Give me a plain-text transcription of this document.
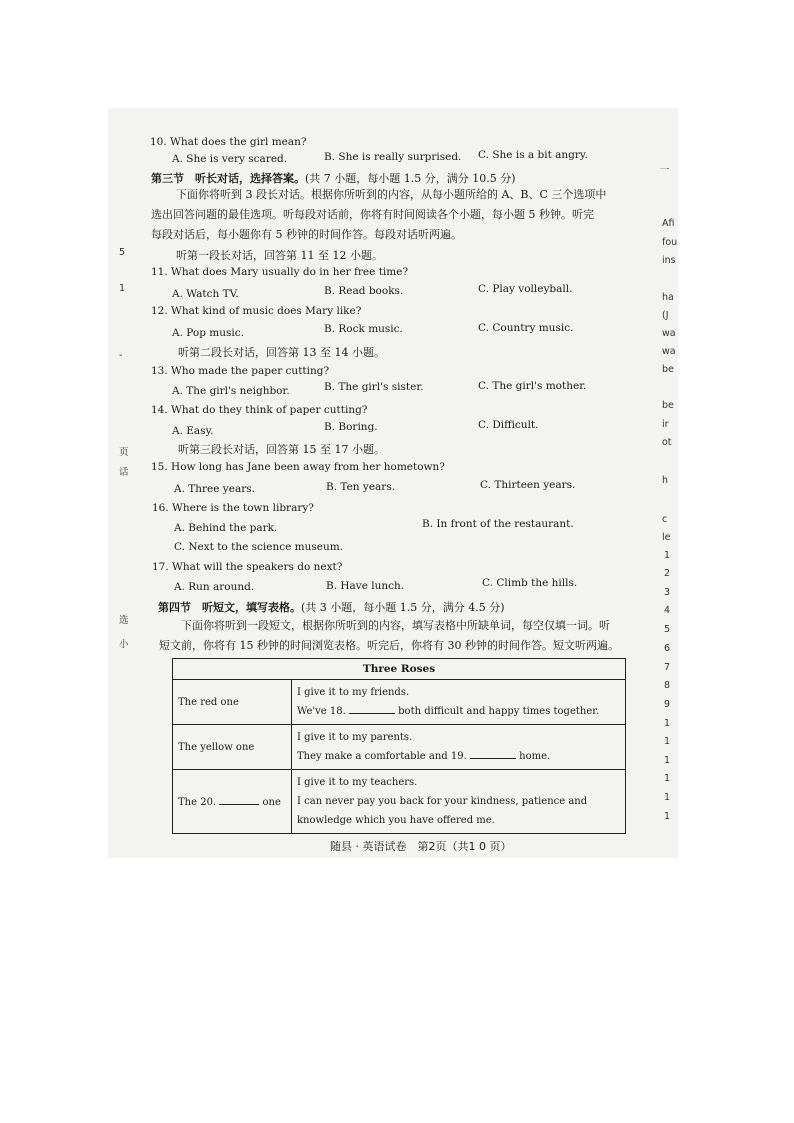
10. What does the girl mean?
A. She is very scared.	B. She is really surprised. C. She is a bit angry.
第三节　听长对话，选择答案。(共 7 小题，每小题 1.5 分，满分 10.5 分)
下面你将听到 3 段长对话。根据你所听到的内容，从每小题所给的 A、B、C 三个选项中
选出回答问题的最佳选项。听每段对话前，你将有时间阅读各个小题，每小题 5 秒钟。听完
每段对话后，每小题你有 5 秒钟的时间作答。每段对话听两遍。
听第一段长对话，回答第 11 至 12 小题。
11. What does Mary usually do in her free time?
A. Watch TV.	B. Read books.	C. Play volleyball.
12. What kind of music does Mary like?
A. Pop music.	B. Rock music.	C. Country music.
听第二段长对话，回答第 13 至 14 小题。
13. Who made the paper cutting?
A. The girl's neighbor.	B. The girl's sister.	C. The girl's mother.
14. What do they think of paper cutting?
A. Easy.	B. Boring.	C. Difficult.
听第三段长对话，回答第 15 至 17 小题。
15. How long has Jane been away from her hometown?
A. Three years.	B. Ten years.	C. Thirteen years.
16. Where is the town library?
A. Behind the park.	B. In front of the restaurant.
C. Next to the science museum.
17. What will the speakers do next?
A. Run around.	B. Have lunch.	C. Climb the hills.
第四节　听短文，填写表格。(共 3 小题，每小题 1.5 分，满分 4.5 分)
下面你将听到一段短文，根据你所听到的内容，填写表格中所缺单词，每空仅填一词。听
短文前，你将有 15 秒钟的时间浏览表格。听完后，你将有 30 秒钟的时间作答。短文听两遍。
Three Roses	
The red one	I give it to my friends.
We've 18. both difficult and happy times together.

The yellow one	I give it to my parents.
They make a comfortable and 19. home.

The 20. one	I give it to my teachers.
I can never pay you back for your kindness, patience and
knowledge which you have offered me.
随县 · 英语试卷　第2页（共1 0 页）
一
Afi
fou
ins
ha
(J
wa
wa
be
be
ir
ot
h
c
le
1
2
3
4
5
6
7
8
9
1
1
1
1
1
1
5
1
-
页
话
选
小
